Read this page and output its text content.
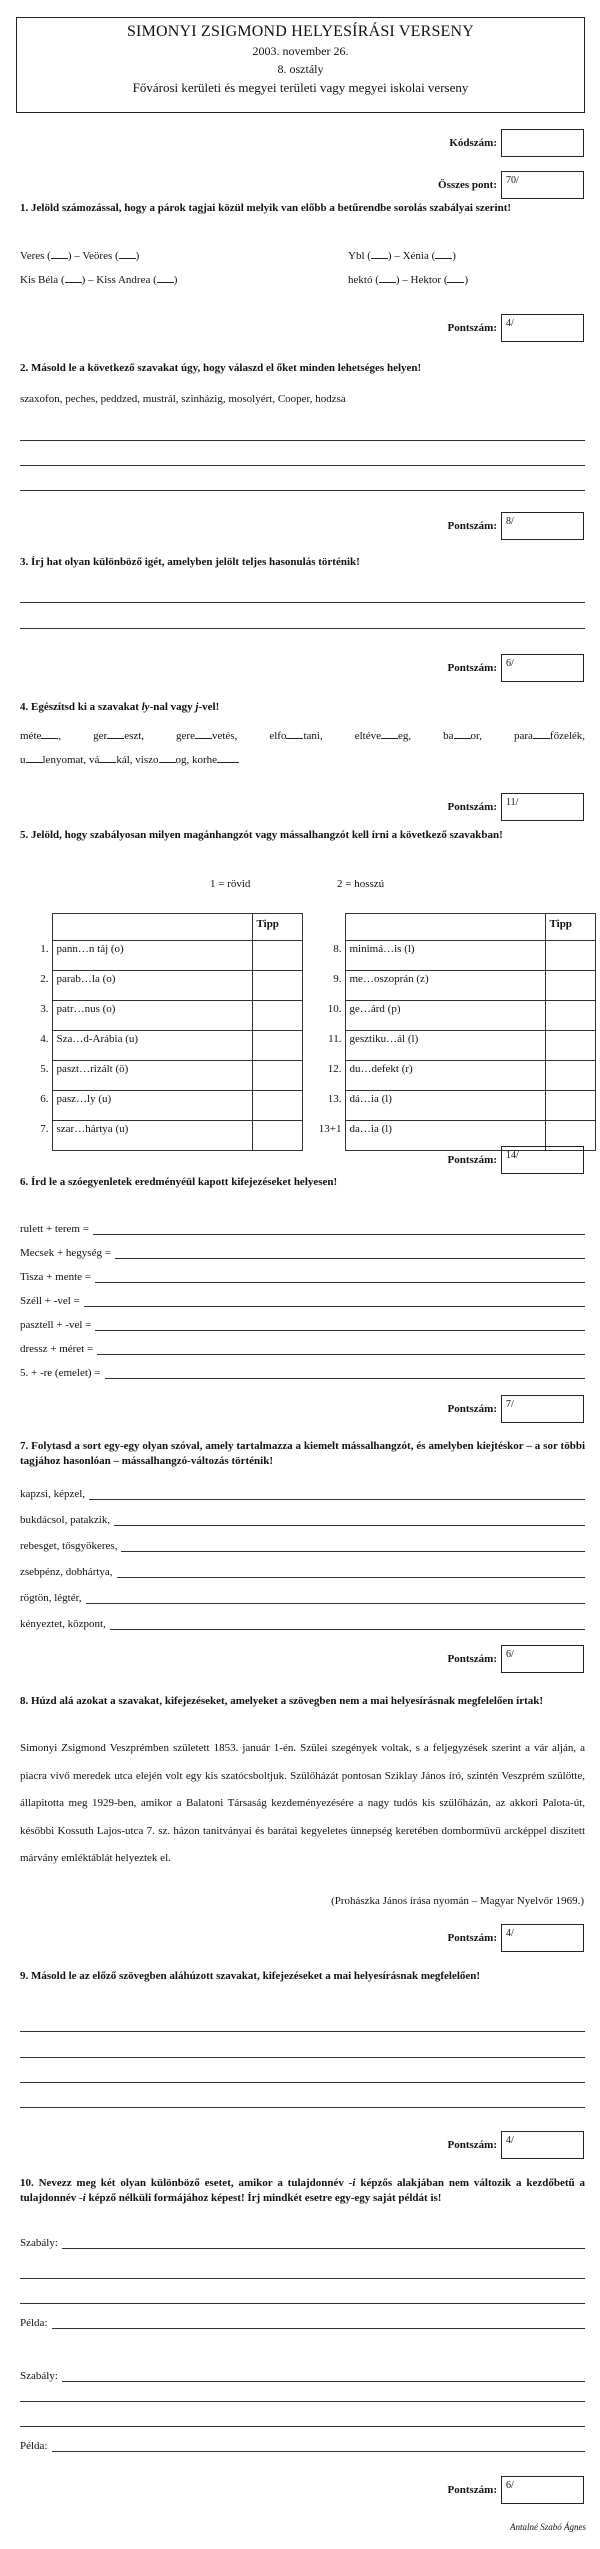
SIMONYI ZSIGMOND HELYESÍRÁSI VERSENY
2003. november 26.
8. osztály
Fővárosi kerületi és megyei területi vagy megyei iskolai verseny
Kódszám:
Összes pont: 70/
1. Jelöld számozással, hogy a párok tagjai közül melyik van előbb a betűrendbe sorolás szabályai szerint!
Veres ( ) – Veöres ( )	Ybl ( ) – Xénia ( )
Kis Béla ( ) – Kiss Andrea ( )	hektó ( ) – Hektor ( )
Pontszám: 4/
2. Másold le a következő szavakat úgy, hogy válaszd el őket minden lehetséges helyen!
szaxofon, peches, peddzed, mustrál, szinházig, mosolyért, Cooper, hodzsa
Pontszám: 8/
3. Írj hat olyan különböző igét, amelyben jelölt teljes hasonulás történik!
Pontszám: 6/
4. Egészítsd ki a szavakat ly-nal vagy j-vel!
méte ,	ger eszt,	gere vetés,	elfo tani,	eltéve eg,	ba or,	para főzelék,
u lenyomat, vá kál, viszo og, korhe
Pontszám: 11/
5. Jelöld, hogy szabályosan milyen magánhangzót vagy mássalhangzót kell írni a következő szavakban!
1 = rövid	2 = hosszú
		Tipp
1.	pann…n táj (o)	
2.	parab…la (o)	
3.	patr…nus (o)	
4.	Sza…d-Arábia (u)	
5.	paszt…rizált (ö)	
6.	pasz…ly (u)	
7.	szar…hártya (u)	
		Tipp
8.	minimá…is (l)	
9.	me…oszoprán (z)	
10.	ge…árd (p)	
11.	gesztiku…ál (l)	
12.	du…defekt (r)	
13.	dá…ia (l)	
13+1	da…ia (l)	
Pontszám: 14/
6. Írd le a szóegyenletek eredményéül kapott kifejezéseket helyesen!
rulett + terem =
Mecsek + hegység =
Tisza + mente =
Széll + -vel =
pasztell + -vel =
dressz + méret =
5. + -re (emelet) =
Pontszám: 7/
7. Folytasd a sort egy-egy olyan szóval, amely tartalmazza a kiemelt mássalhangzót, és amelyben kiejtéskor – a sor többi tagjához hasonlóan – mássalhangzó-változás történik!
kapzsi, képzel,
bukdácsol, patakzik,
rebesget, tősgyökeres,
zsebpénz, dobhártya,
rögtön, légtér,
kényeztet, központ,
Pontszám: 6/
8. Húzd alá azokat a szavakat, kifejezéseket, amelyeket a szövegben nem a mai helyesírásnak megfelelően írtak!
Simonyi Zsigmond Veszprémben született 1853. január 1-én. Szülei szegények voltak, s a feljegyzések szerint a vár alján, a piacra vivő meredek utca elején volt egy kis szatócsboltjuk. Szülőházát pontosan Sziklay János író, szintén Veszprém szülötte, állapitotta meg 1929-ben, amikor a Balatoni Társaság kezdeményezésére a nagy tudós kis szülőházán, az akkori Palota-út, későbbi Kossuth Lajos-utca 7. sz. házon tanitványai és barátai kegyeletes ünnepség keretében dombormüvü arcképpel diszitett márvány emléktáblát helyeztek el.
(Prohászka János írása nyomán – Magyar Nyelvőr 1969.)
Pontszám: 4/
9. Másold le az előző szövegben aláhúzott szavakat, kifejezéseket a mai helyesírásnak megfelelően!
Pontszám: 4/
10. Nevezz meg két olyan különböző esetet, amikor a tulajdonnév -i képzős alakjában nem változik a kezdőbetű a tulajdonnév -i képző nélküli formájához képest! Írj mindkét esetre egy-egy saját példát is!
Szabály:
Példa:
Szabály:
Példa:
Pontszám: 6/
Antalné Szabó Ágnes
